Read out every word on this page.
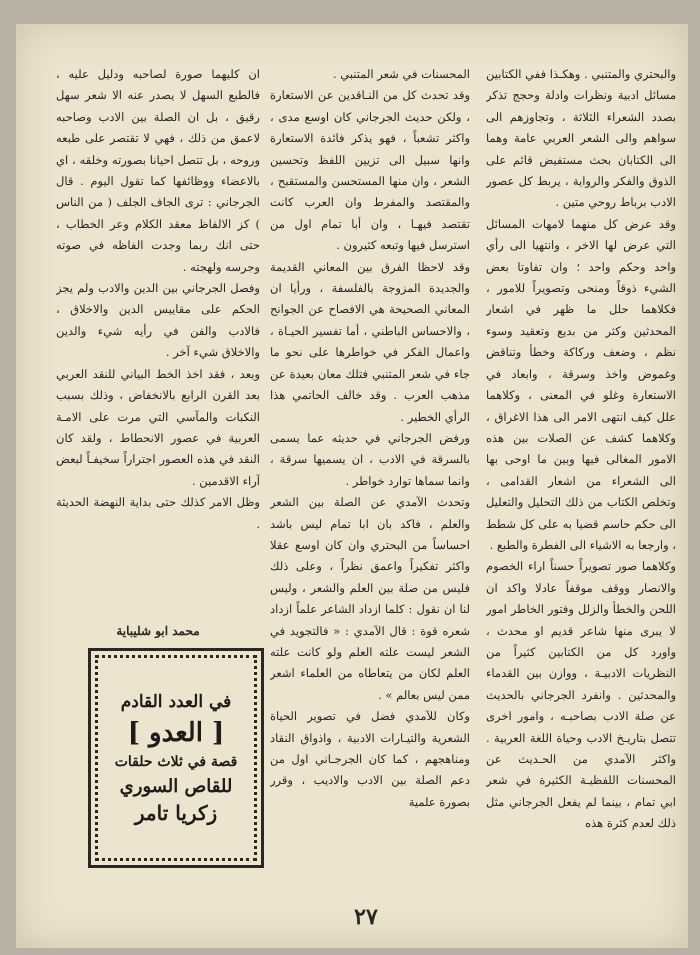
والبحتري والمتنبي . وهكـذا ففي الكتابين مسائل ادبية ونظرات وادلة وحجج تذكر بصدد الشعراء الثلاثة ، وتجاوزهم الى سواهم والى الشعر العربي عامة وهما الى الكتابان بحث مستفيض قائم على الذوق والفكر والرواية ، يربط كل عصور الادب برباط روحي متين .

وقد عرض كل منهما لامهات المسائل التي عرض لها الاخر ، وانتهيا الى رأي واحد وحكم واحد ؛ وان تفاوتا بعض الشيء ذوقاً ومنحى وتصويراً للامور ، فكلاهما حلل ما ظهر في اشعار المحدثين وكثر من بديع وتعقيد وسوء نظم ، وضعف وركاكة وخطأ وتناقض وغموض واخذ وسرقة ، وابعاد في الاستعارة وغلو في المعنى ، وكلاهما علل كيف انتهى الامر الى هذا الاغراق ، وكلاهما كشف عن الصلات بين هذه الامور المغالى فيها وبين ما اوحى بها الى الشعراء من اشعار القدامى ، وتخلص الكتاب من ذلك التحليل والتعليل الى حكم حاسم قضيا به على كل شطط ، وارجعا به الاشياء الى الفطرة والطبع .

وكلاهما صور تصويراً حسناً اراء الخصوم والانصار ووقف موقفاً عادلا واكد ان اللحن والخطأ والزلل وفتور الخاطر امور لا يبرى منها شاعر قديم او محدث ، واورد كل من الكتابين كثيراً من النظريات الادبيـة ، ووازن بين القدماء والمحدثين . وانفرد الجرجاني بالحديث عن صلة الادب بصاحبـه ، وامور اخرى تتصل بتاريـخ الادب وحياة اللغة العربية . واكثر الآمدي من الحـديث عن المحسنات اللفظيـة الكثيرة في شعر ابي تمام ، بينما لم يفعل الجرجاني مثل ذلك لعدم كثرة هذه

المحسنات في شعر المتنبي .

وقد تحدث كل من النـاقدين عن الاستعارة ، ولكن حديث الجرجاني كان اوسع مدى ، واكثر تشعباً ، فهو يذكر فائدة الاستعارة وانها سبيل الى تزيين اللفظ وتحسين الشعر ، وان منها المستحسن والمستقبح ، والمقتصد والمفرط وان العرب كانت تقتصد فيهـا ، وان أبا تمام اول من استرسل فيها وتبعه كثيرون .

وقد لاحظا الفرق بين المعاني القديمة والجديدة المزوجة بالفلسفة ، ورأيا ان المعاني الصحيحة هي الافصاح عن الجوانح ، والاحساس الباطني ، أما تفسير الحيـاة ، واعمال الفكر في خواطرها على نحو ما جاء في شعر المتنبي فتلك معان بعيدة عن مذهب العرب . وقد خالف الحاتمي هذا الرأي الخطير .

ورفض الجرجاني في حديثه عما يسمى بالسرقة في الادب ، ان يسميها سرقة ، وانما سماها توارد خواطر .

وتحدث الآمدي عن الصلة بين الشعر والعلم ، فاكد بان ابا تمام ليس باشد احساساً من البحتري وان كان اوسع عقلا واكثر تفكيراً واعمق نظراً ، وعلى ذلك فليس من صلة بين العلم والشعر ، وليس لنا ان نقول : كلما ازداد الشاعر علماً ازداد شعره قوة : قال الآمدي : « فالتجويد في الشعر ليست علته العلم ولو كانت علته العلم لكان من يتعاطاه من العلماء اشعر ممن ليس بعالم » .

وكان للآمدي فضل في تصوير الحياة الشعرية والتيـارات الادبية ، واذواق النقاد ومناهجهم ، كما كان الجرجـاني اول من دعم الصلة بين الادب والاديب ، وقرر بصورة علمية

ان كليهما صورة لصاحبه ودليل عليه ، فالطبع السهل لا يصدر عنه الا شعر سهل رقيق ، بل ان الصلة بين الادب وصاحبه لاعمق من ذلك ، فهي لا تقتصر على طبعه وروحه ، بل تتصل احيانا بصورته وخلقه ، اي بالاعضاء ووظائفها كما تقول اليوم . قال الجرجاني : ترى الجاف الجلف ( من الناس ) كز الالفاظ معقد الكلام وعر الخطاب ، حتى انك ربما وجدت الفاظه في صوته وجرسه ولهجته .

وفصل الجرجاني بين الدين والادب ولم يجز الحكم على مقاييس الدين والاخلاق ، فالادب والفن في رأيه شيء والدين والاخلاق شيء آخر .

وبعد ، فقد اخذ الخط البياني للنقد العربي بعد القرن الرابع بالانخفاض ، وذلك بسبب النكبات والمآسي التي مرت على الامـة العربية في عصور الانحطاط ، ولقد كان النقد في هذه العصور اجتراراً سخيفـاً لبعض آراء الاقدمين .

وظل الامر كذلك حتى بداية النهضة الحديثة .

محمد ابو شليباية
في العدد القادم
[ العدو ]
قصة في ثلاث حلقات
للقاص السوري
زكريا تامر
٢٧
